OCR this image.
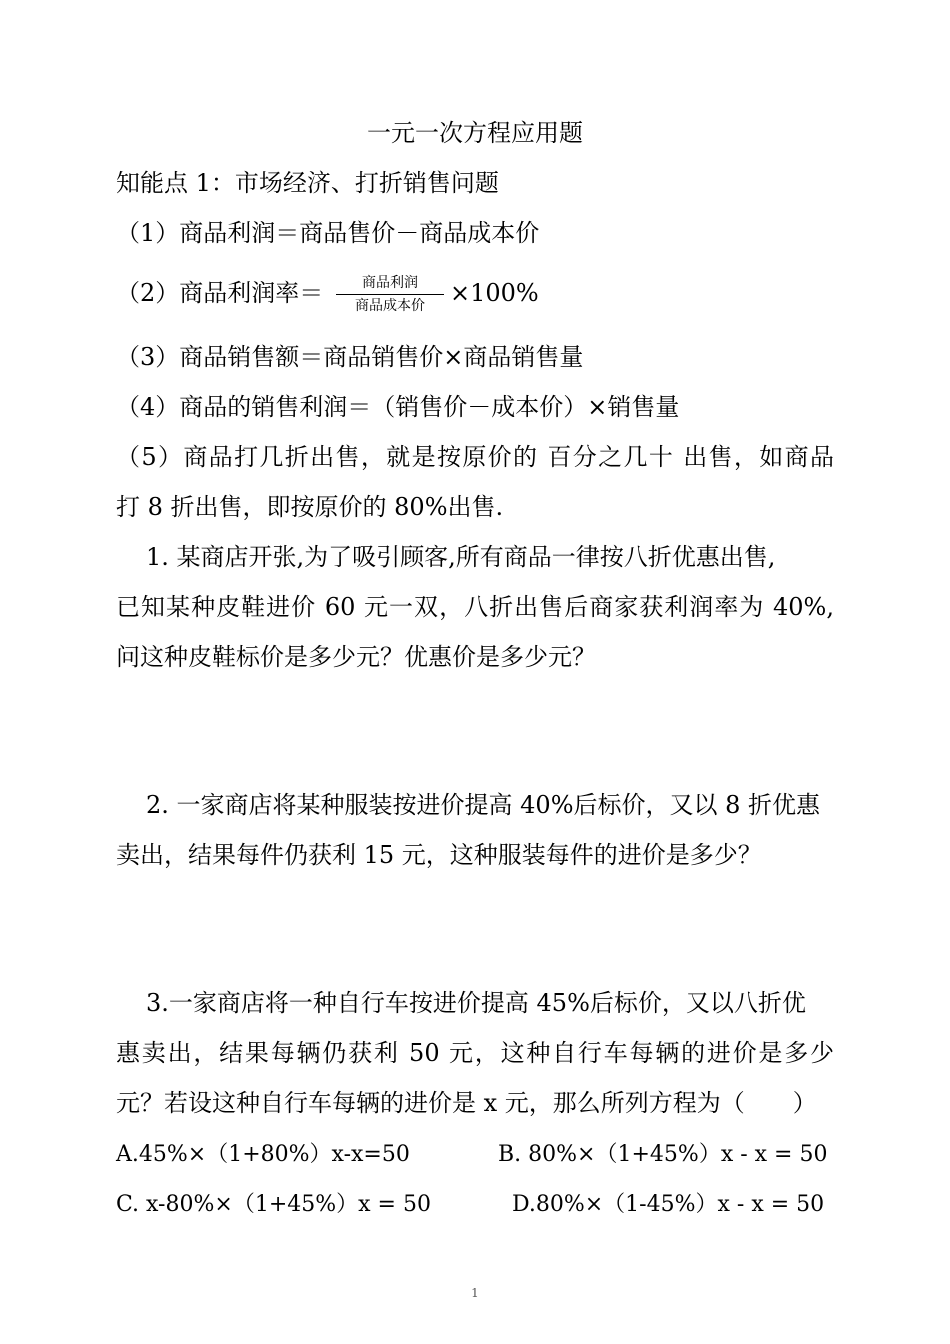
一元一次方程应用题
知能点 1：市场经济、打折销售问题
（1）商品利润＝商品售价－商品成本价
（2）商品利润率＝	商品利润
商品成本价	×100%
（3）商品销售额＝商品销售价×商品销售量
（4）商品的销售利润＝（销售价－成本价）×销售量
（5）商品打几折出售，就是按原价的 百分之几十 出售，如商品
打 8 折出售，即按原价的 80%出售.
1. 某商店开张,为了吸引顾客,所有商品一律按八折优惠出售,
已知某种皮鞋进价 60 元一双，八折出售后商家获利润率为 40%,
问这种皮鞋标价是多少元？优惠价是多少元？
2. 一家商店将某种服装按进价提高 40%后标价，又以 8 折优惠
卖出，结果每件仍获利 15 元，这种服装每件的进价是多少？
3.一家商店将一种自行车按进价提高 45%后标价，又以八折优
惠卖出，结果每辆仍获利 50 元，这种自行车每辆的进价是多少
元？若设这种自行车每辆的进价是 x 元，那么所列方程为（　　）
A.45%×（1+80%）x-x=50	B. 80%×（1+45%）x - x = 50
C. x-80%×（1+45%）x = 50	D.80%×（1-45%）x - x = 50
1
